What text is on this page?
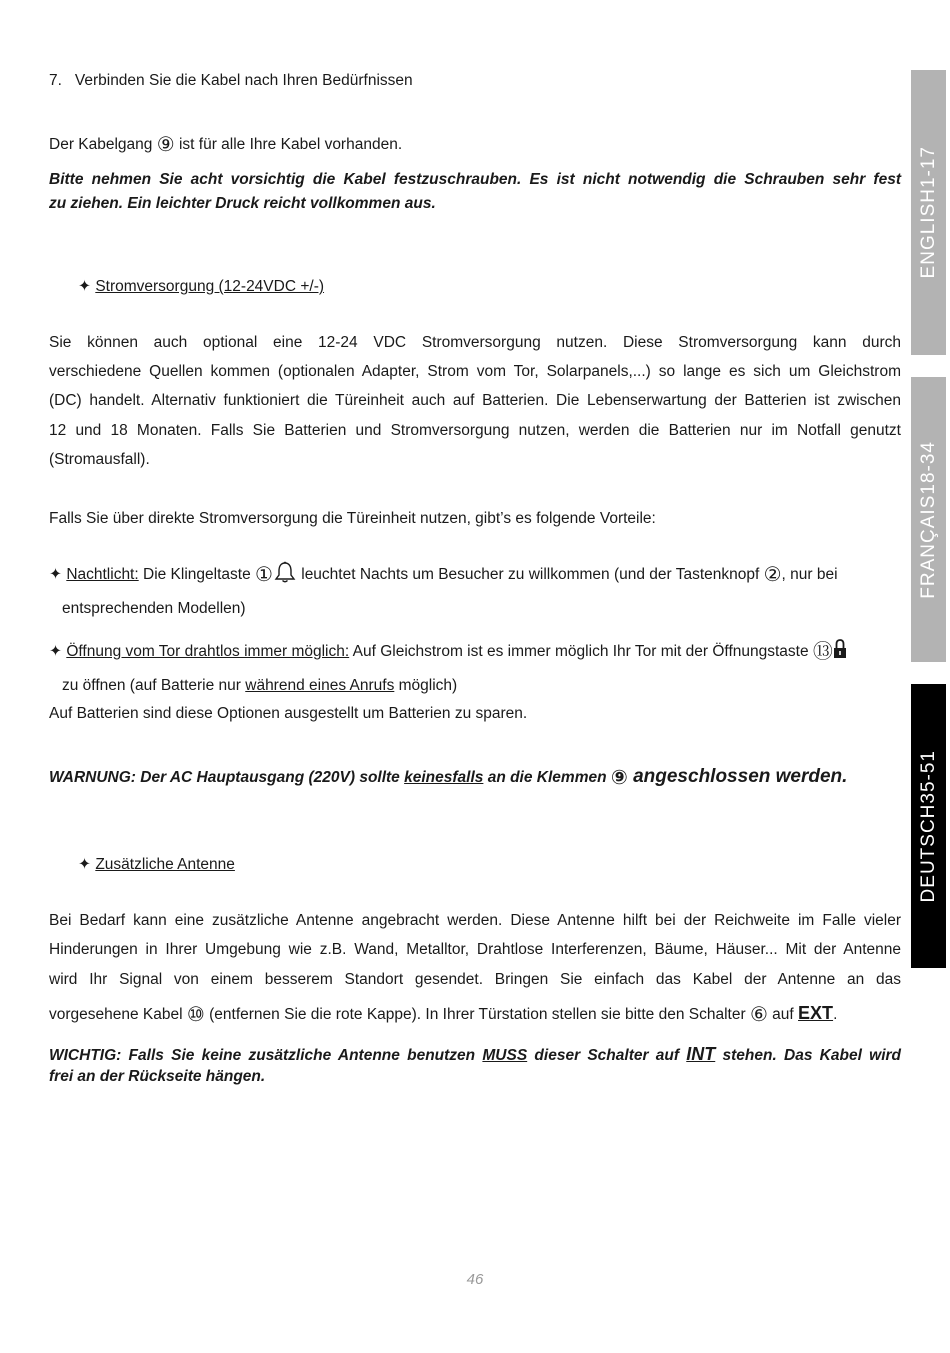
7. Verbinden Sie die Kabel nach Ihren Bedürfnissen
Der Kabelgang ⑨ ist für alle Ihre Kabel vorhanden.
Bitte nehmen Sie acht vorsichtig die Kabel festzuschrauben. Es ist nicht notwendig die Schrauben sehr fest
zu ziehen. Ein leichter Druck reicht vollkommen aus.
✦ Stromversorgung (12-24VDC +/-)
Sie können auch optional eine 12-24 VDC Stromversorgung nutzen. Diese Stromversorgung kann durch
verschiedene Quellen kommen (optionalen Adapter, Strom vom Tor, Solarpanels,...) so lange es sich um Gleichstrom
(DC) handelt. Alternativ funktioniert die Türeinheit auch auf Batterien. Die Lebenserwartung der Batterien ist zwischen
12 und 18 Monaten. Falls Sie Batterien und Stromversorgung nutzen, werden die Batterien nur im Notfall genutzt
(Stromausfall).
Falls Sie über direkte Stromversorgung die Türeinheit nutzen, gibt’s es folgende Vorteile:
✦ Nachtlicht: Die Klingeltaste ① leuchtet Nachts um Besucher zu willkommen (und der Tastenknopf ②, nur bei
entsprechenden Modellen)
✦ Öffnung vom Tor drahtlos immer möglich: Auf Gleichstrom ist es immer möglich Ihr Tor mit der Öffnungstaste ⑬
zu öffnen (auf Batterie nur während eines Anrufs möglich)
Auf Batterien sind diese Optionen ausgestellt um Batterien zu sparen.
WARNUNG: Der AC Hauptausgang (220V) sollte keinesfalls an die Klemmen ⑨ angeschlossen werden.
✦ Zusätzliche Antenne
Bei Bedarf kann eine zusätzliche Antenne angebracht werden. Diese Antenne hilft bei der Reichweite im Falle vieler
Hinderungen in Ihrer Umgebung wie z.B. Wand, Metalltor, Drahtlose Interferenzen, Bäume, Häuser... Mit der Antenne
wird Ihr Signal von einem besserem Standort gesendet. Bringen Sie einfach das Kabel der Antenne an das
vorgesehene Kabel ⑩ (entfernen Sie die rote Kappe). In Ihrer Türstation stellen sie bitte den Schalter ⑥ auf EXT.
WICHTIG: Falls Sie keine zusätzliche Antenne benutzen MUSS dieser Schalter auf INT stehen. Das Kabel wird
frei an der Rückseite hängen.
ENGLISH1-17
FRANÇAIS18-34
DEUTSCH35-51
46
